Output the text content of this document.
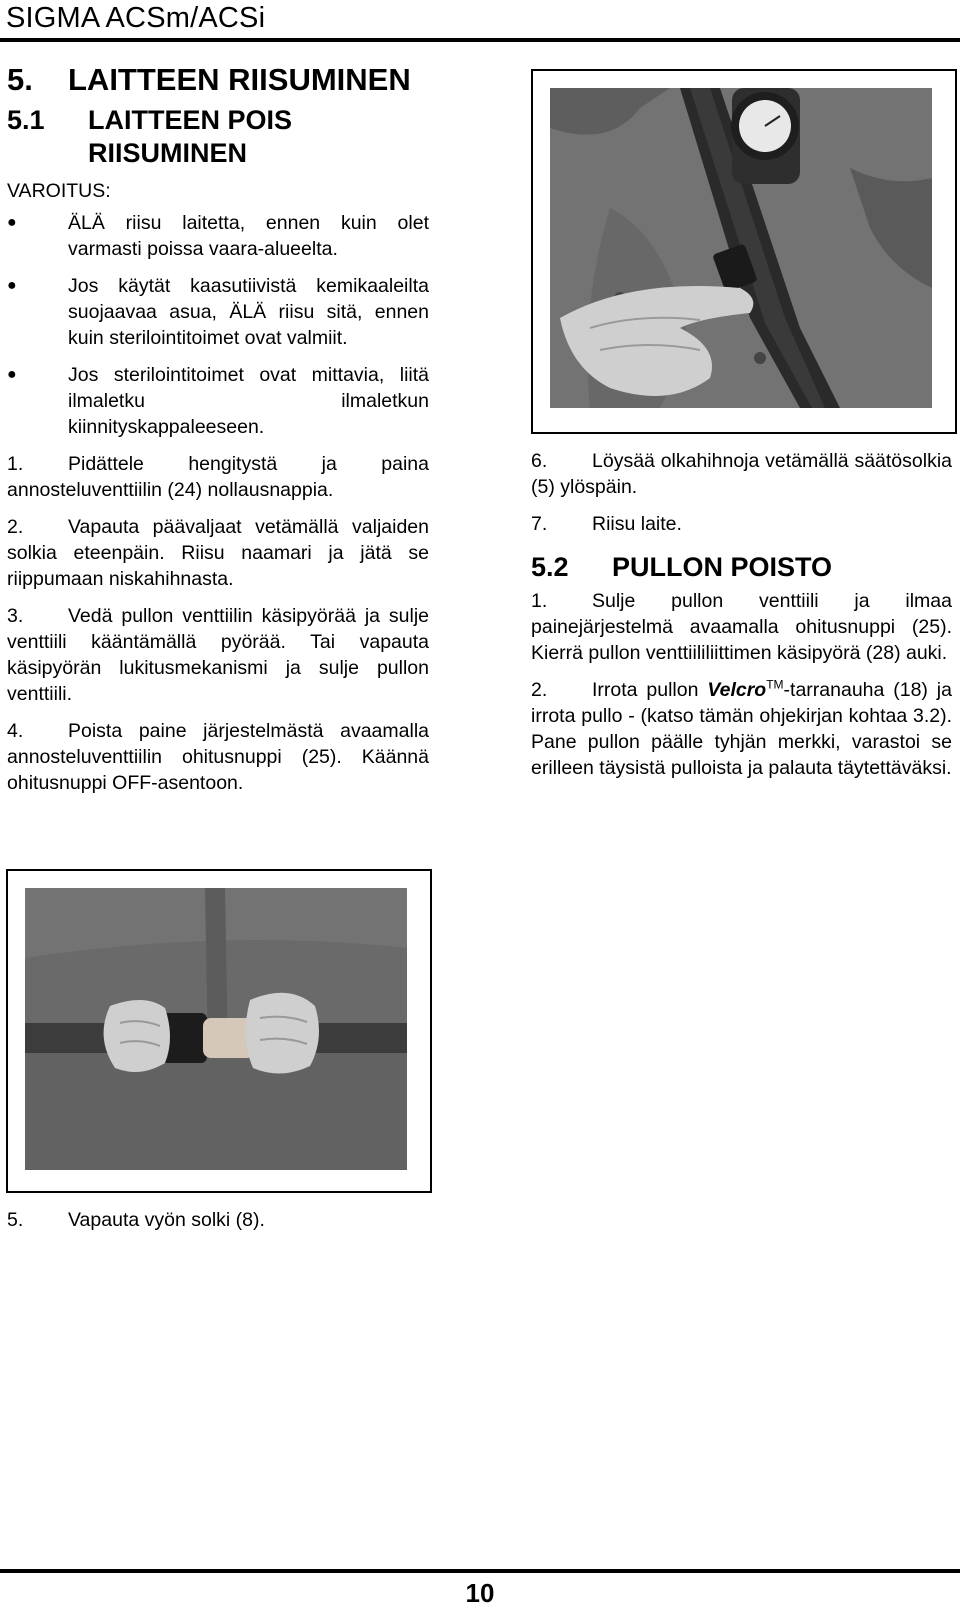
SIGMA ACSm/ACSi
5.	LAITTEEN RIISUMINEN
5.1	LAITTEEN POIS RIISUMINEN
VAROITUS:
●	ÄLÄ riisu laitetta, ennen kuin olet varmasti poissa vaara-alueelta.
●	Jos käytät kaasutiivistä kemikaaleilta suojaavaa asua, ÄLÄ riisu sitä, ennen kuin sterilointitoimet ovat valmiit.
●	Jos sterilointitoimet ovat mittavia, liitä ilmaletku ilmaletkun kiinnityskappaleeseen.

1. Pidättele hengitystä ja paina annosteluventtiilin (24) nollausnappia.

2. Vapauta päävaljaat vetämällä valjaiden solkia eteenpäin. Riisu naamari ja jätä se riippumaan niskahihnasta.

3. Vedä pullon venttiilin käsipyörää ja sulje venttiili kääntämällä pyörää. Tai vapauta käsipyörän lukitusmekanismi ja sulje pullon venttiili.

4. Poista paine järjestelmästä avaamalla annosteluventtiilin ohitusnuppi (25). Käännä ohitusnuppi OFF-asentoon.

6. Löysää olkahihnoja vetämällä säätösolkia (5) ylöspäin.

7. Riisu laite.

5.2	PULLON POISTO

1. Sulje pullon venttiili ja ilmaa painejärjestelmä avaamalla ohitusnuppi (25). Kierrä pullon venttiililiittimen käsipyörä (28) auki.

2. Irrota pullon Velcro™-tarranauha (18) ja irrota pullo - (katso tämän ohjekirjan kohtaa 3.2). Pane pullon päälle tyhjän merkki, varastoi se erilleen täysistä pulloista ja palauta täytettäväksi.

5. Vapauta vyön solki (8).
10
